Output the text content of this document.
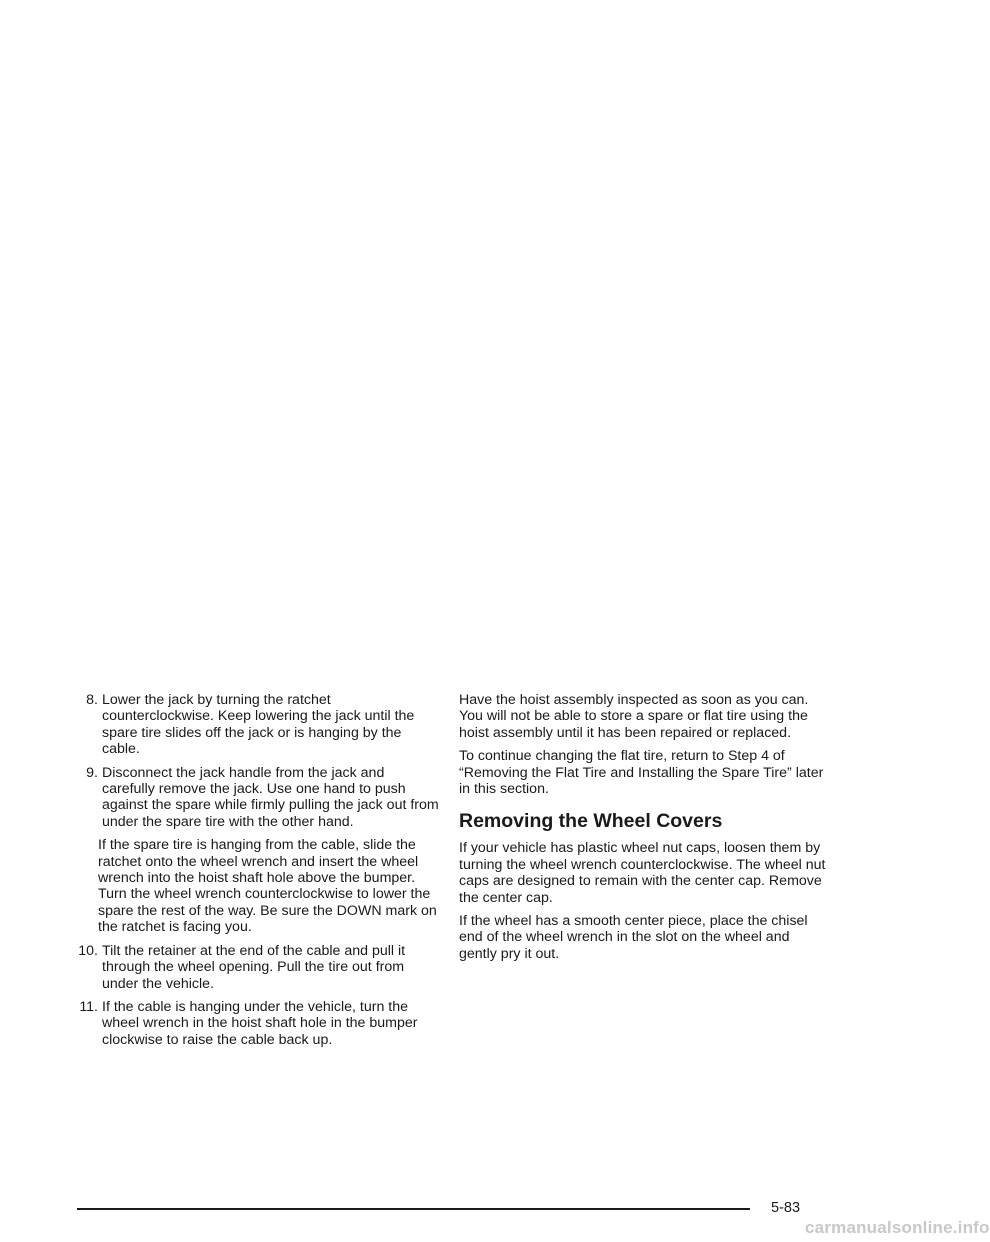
8. Lower the jack by turning the ratchet counterclockwise. Keep lowering the jack until the spare tire slides off the jack or is hanging by the cable.
9. Disconnect the jack handle from the jack and carefully remove the jack. Use one hand to push against the spare while firmly pulling the jack out from under the spare tire with the other hand.
If the spare tire is hanging from the cable, slide the ratchet onto the wheel wrench and insert the wheel wrench into the hoist shaft hole above the bumper. Turn the wheel wrench counterclockwise to lower the spare the rest of the way. Be sure the DOWN mark on the ratchet is facing you.
10. Tilt the retainer at the end of the cable and pull it through the wheel opening. Pull the tire out from under the vehicle.
11. If the cable is hanging under the vehicle, turn the wheel wrench in the hoist shaft hole in the bumper clockwise to raise the cable back up.

Have the hoist assembly inspected as soon as you can. You will not be able to store a spare or flat tire using the hoist assembly until it has been repaired or replaced.

To continue changing the flat tire, return to Step 4 of “Removing the Flat Tire and Installing the Spare Tire” later in this section.

Removing the Wheel Covers

If your vehicle has plastic wheel nut caps, loosen them by turning the wheel wrench counterclockwise. The wheel nut caps are designed to remain with the center cap. Remove the center cap.

If the wheel has a smooth center piece, place the chisel end of the wheel wrench in the slot on the wheel and gently pry it out.

5-83
carmanualsonline.info
